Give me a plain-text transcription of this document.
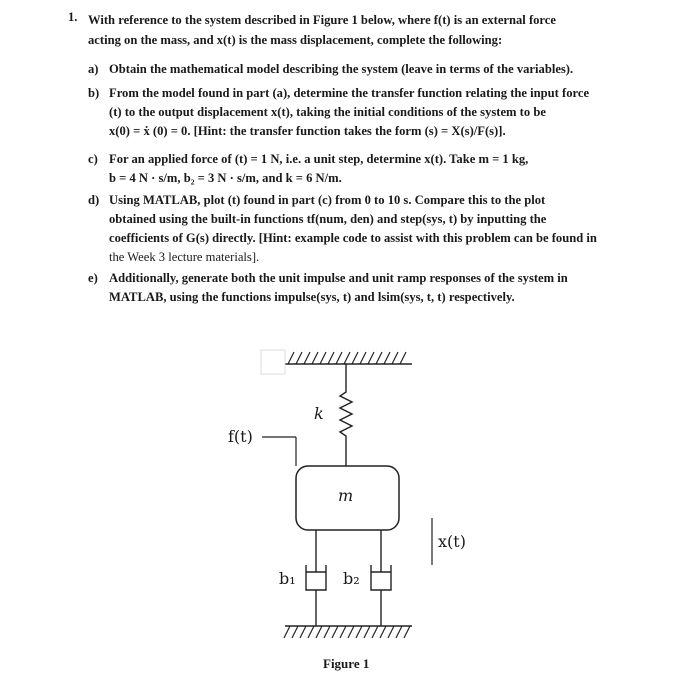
1. With reference to the system described in Figure 1 below, where f(t) is an external force
acting on the mass, and x(t) is the mass displacement, complete the following:
a) Obtain the mathematical model describing the system (leave in terms of the variables).
b) From the model found in part (a), determine the transfer function relating the input force
(t) to the output displacement x(t), taking the initial conditions of the system to be
x(0) = ẋ (0) = 0. [Hint: the transfer function takes the form (s) = X(s)/F(s)].
c) For an applied force of (t) = 1 N, i.e. a unit step, determine x(t). Take m = 1 kg,
b = 4 N · s/m, b₂ = 3 N · s/m, and k = 6 N/m.
d) Using MATLAB, plot (t) found in part (c) from 0 to 10 s. Compare this to the plot
obtained using the built-in functions tf(num, den) and step(sys, t) by inputting the
coefficients of G(s) directly. [Hint: example code to assist with this problem can be found in
the Week 3 lecture materials].
e) Additionally, generate both the unit impulse and unit ramp responses of the system in
MATLAB, using the functions impulse(sys, t) and lsim(sys, t, t) respectively.
k
f(t)
m
x(t)
b₁	b₂
Figure 1
